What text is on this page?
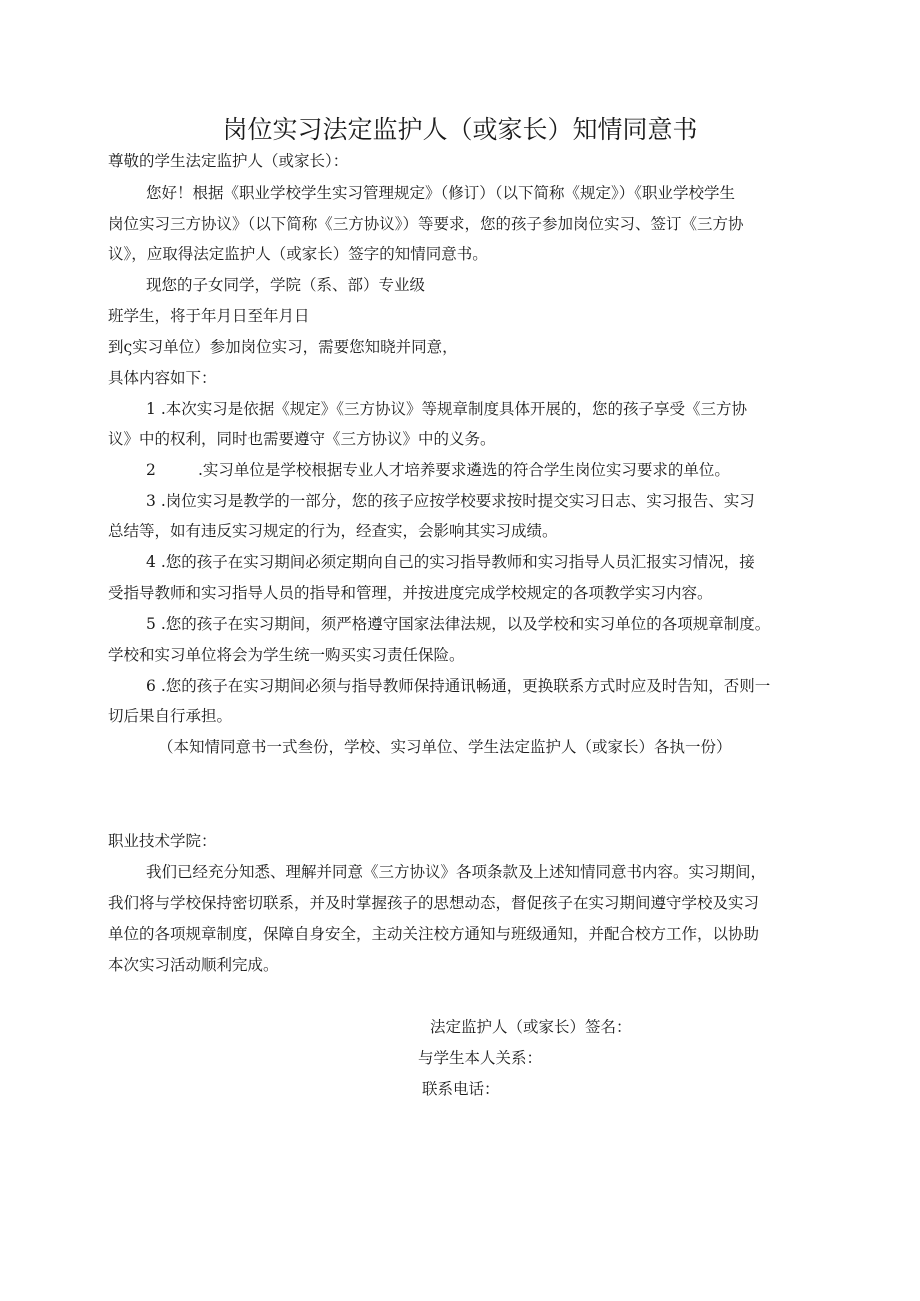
岗位实习法定监护人（或家长）知情同意书

尊敬的学生法定监护人（或家长）：

您好！根据《职业学校学生实习管理规定》（修订）（以下简称《规定》）《职业学校学生

岗位实习三方协议》（以下简称《三方协议》）等要求，您的孩子参加岗位实习、签订《三方协

议》，应取得法定监护人（或家长）签字的知情同意书。

现您的子女同学，学院（系、部）专业级

班学生，将于年月日至年月日

到ς实习单位）参加岗位实习，需要您知晓并同意，

具体内容如下：

1 .本次实习是依据《规定》《三方协议》等规章制度具体开展的，您的孩子享受《三方协

议》中的权利，同时也需要遵守《三方协议》中的义务。

2	.实习单位是学校根据专业人才培养要求遴选的符合学生岗位实习要求的单位。

3 .岗位实习是教学的一部分，您的孩子应按学校要求按时提交实习日志、实习报告、实习

总结等，如有违反实习规定的行为，经查实，会影响其实习成绩。

4 .您的孩子在实习期间必须定期向自己的实习指导教师和实习指导人员汇报实习情况，接

受指导教师和实习指导人员的指导和管理，并按进度完成学校规定的各项教学实习内容。

5 .您的孩子在实习期间，须严格遵守国家法律法规，以及学校和实习单位的各项规章制度。

学校和实习单位将会为学生统一购买实习责任保险。

6 .您的孩子在实习期间必须与指导教师保持通讯畅通，更换联系方式时应及时告知，否则一

切后果自行承担。

（本知情同意书一式叁份，学校、实习单位、学生法定监护人（或家长）各执一份）

职业技术学院：

我们已经充分知悉、理解并同意《三方协议》各项条款及上述知情同意书内容。实习期间，

我们将与学校保持密切联系，并及时掌握孩子的思想动态，督促孩子在实习期间遵守学校及实习

单位的各项规章制度，保障自身安全，主动关注校方通知与班级通知，并配合校方工作，以协助

本次实习活动顺利完成。

法定监护人（或家长）签名：
与学生本人关系：
联系电话：
